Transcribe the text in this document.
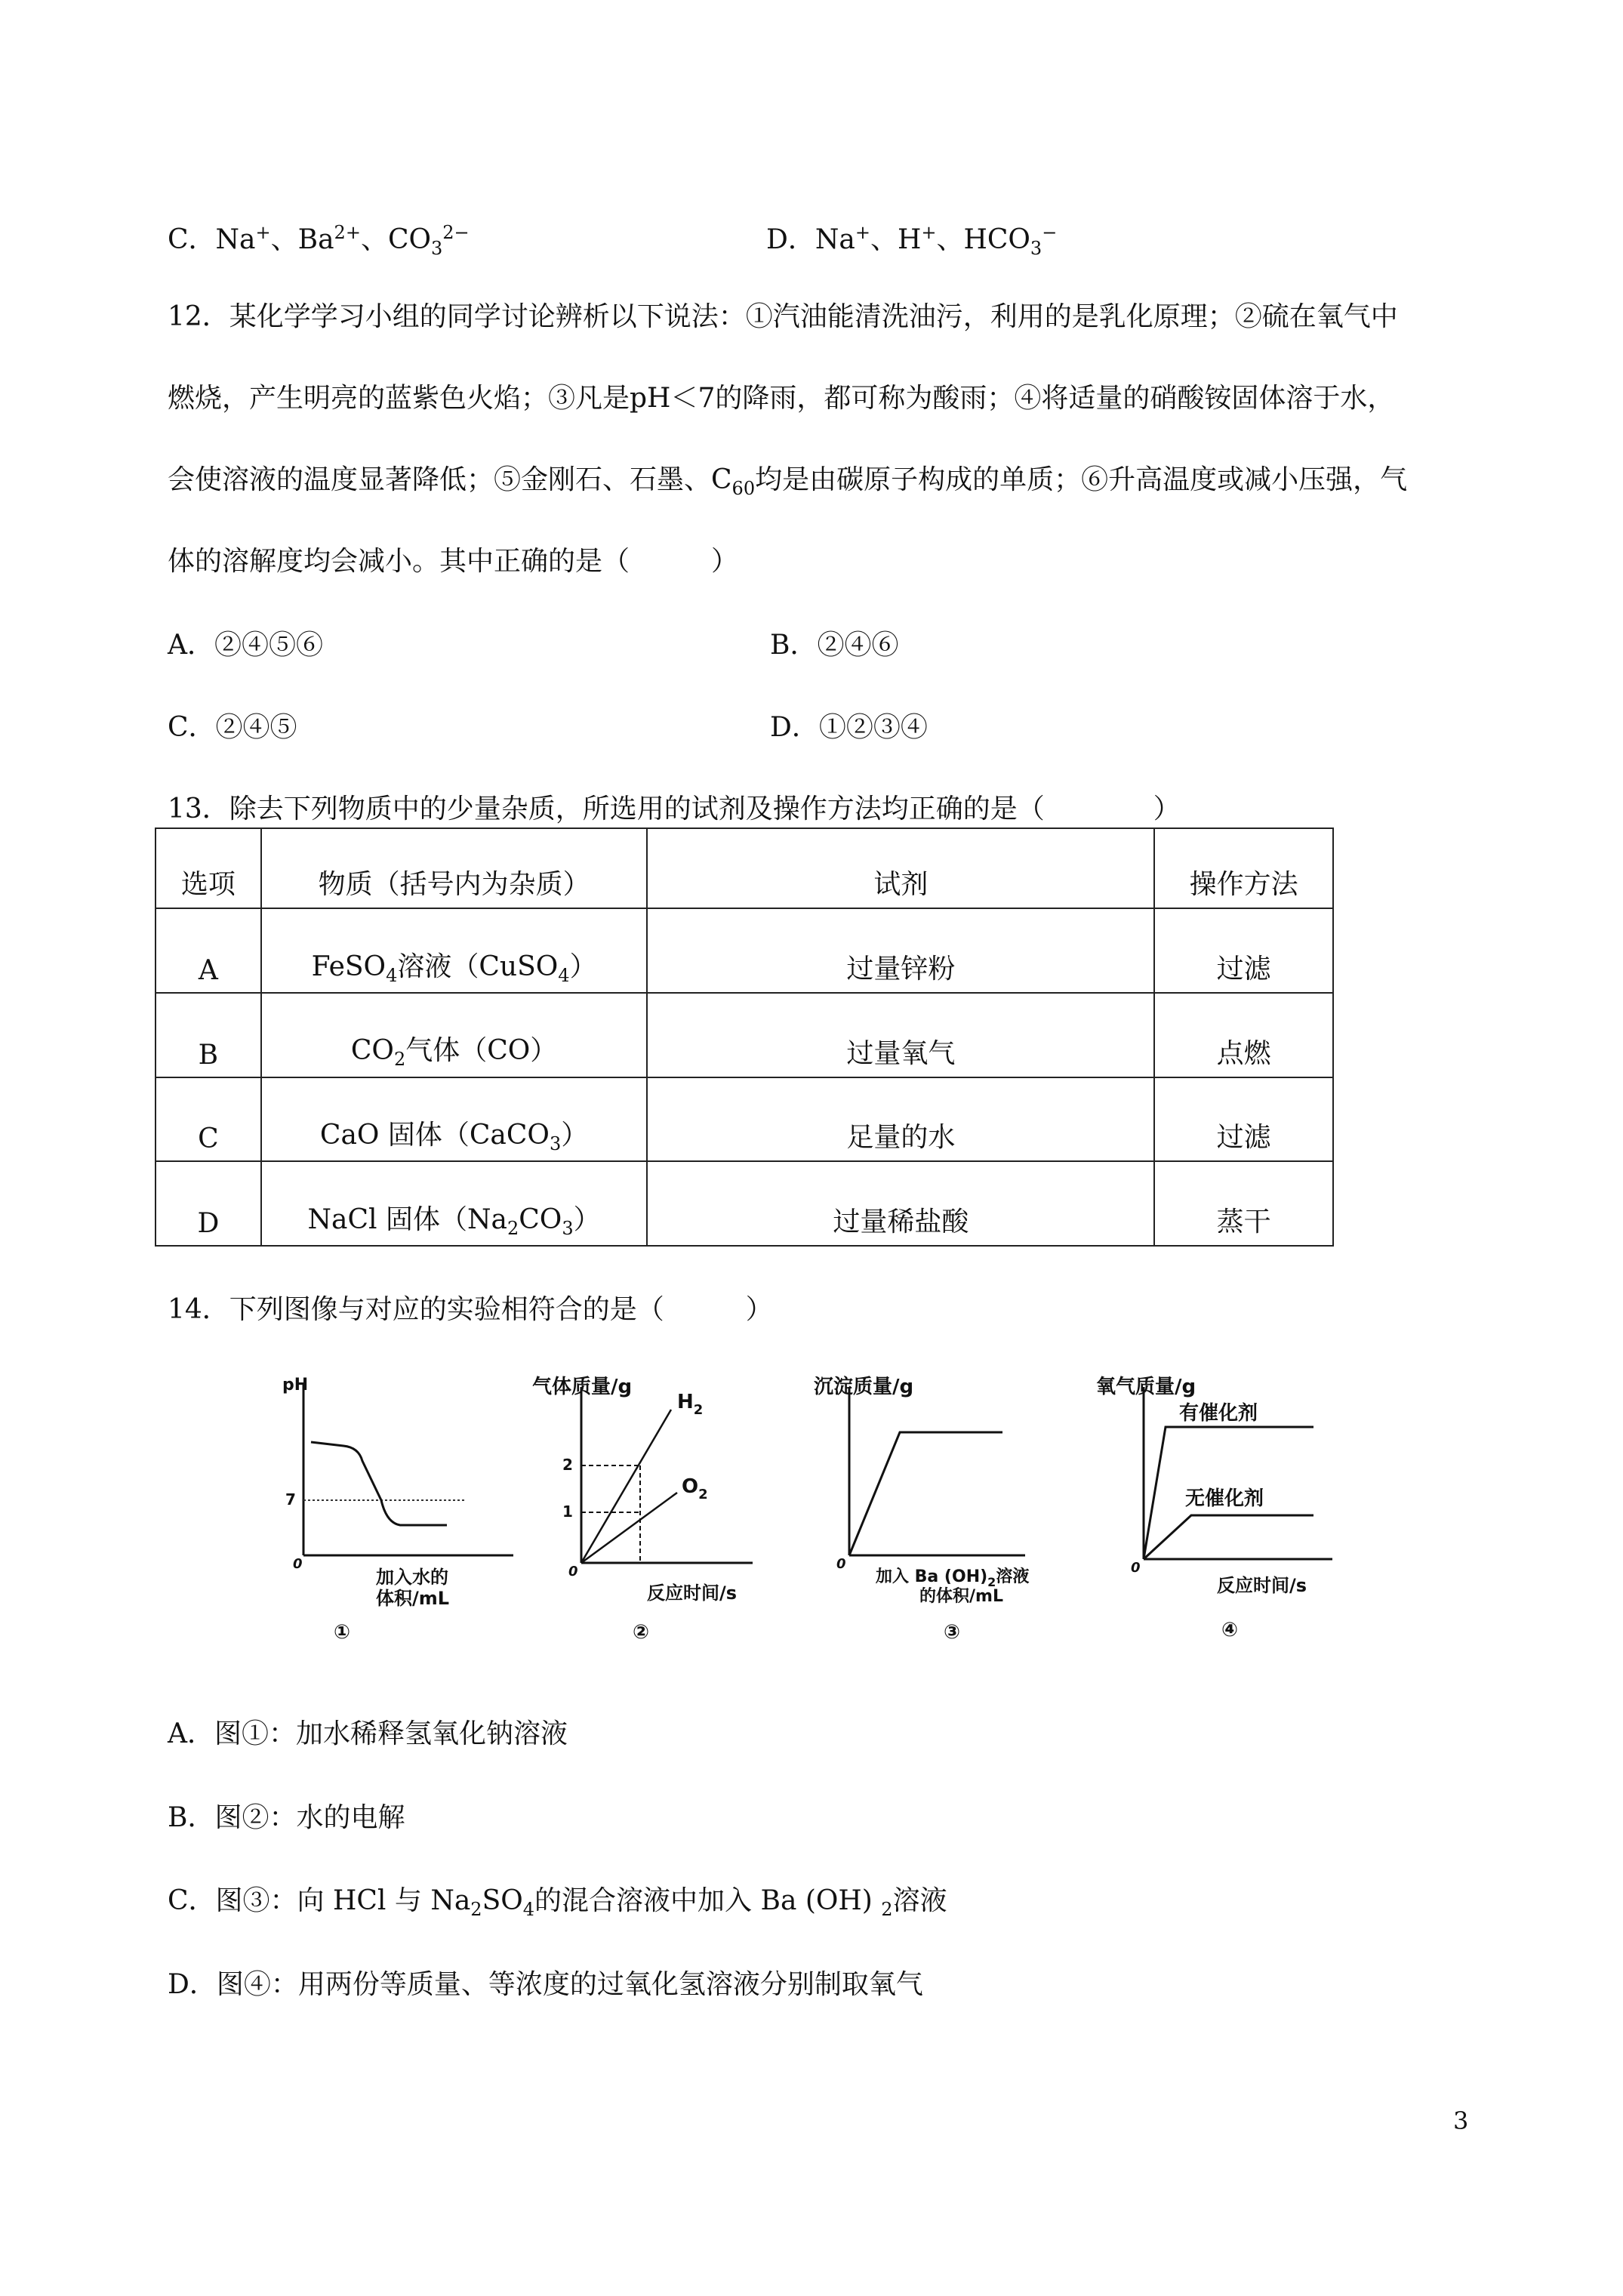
C．Na+、$Ba^{2+}$、$CO_3^{2-}$	D．Na+、H+、$HCO_3^-$
12．某化学学习小组的同学讨论辨析以下说法：①汽油能清洗油污，利用的是乳化原理；②硫在氧气中
燃烧，产生明亮的蓝紫色火焰；③凡是pH＜7的降雨，都可称为酸雨；④将适量的硝酸铵固体溶于水，
会使溶液的温度显著降低；⑤金刚石、石墨、$C_{60}$均是由碳原子构成的单质；⑥升高温度或减小压强，气
体的溶解度均会减小。其中正确的是（　　　）
A．②④⑤⑥	B．②④⑥
C．②④⑤	D．①②③④
13．除去下列物质中的少量杂质，所选用的试剂及操作方法均正确的是（　　　　）
选项	物质（括号内为杂质）	试剂	操作方法
A	FeSO$_4$溶液（CuSO$_4$）	过量锌粉	过滤
B	$CO_2$气体（CO）	过量氧气	点燃
C	CaO 固体（CaCO$_3$）	足量的水	过滤
D	NaCl 固体$(Na_2CO_3)$	过量稀盐酸	蒸干
14．下列图像与对应的实验相符合的是（　　　）
pH
7
0
加入水的
体积/mL
①
气体质量/g
2
1
$H_2$
$O_2$
0
反应时间/s
②
沉淀质量/g
0
加入 Ba $(OH)_2$溶液
的体积/mL
③
氧气质量/g
有催化剂
无催化剂
0
反应时间/s
④
A．图①：加水稀释氢氧化钠溶液
B．图②：水的电解
C．图③：向 HCl 与 $Na_2SO_4$的混合溶液中加入 Ba (OH) $_2$溶液
D．图④：用两份等质量、等浓度的过氧化氢溶液分别制取氧气
3
